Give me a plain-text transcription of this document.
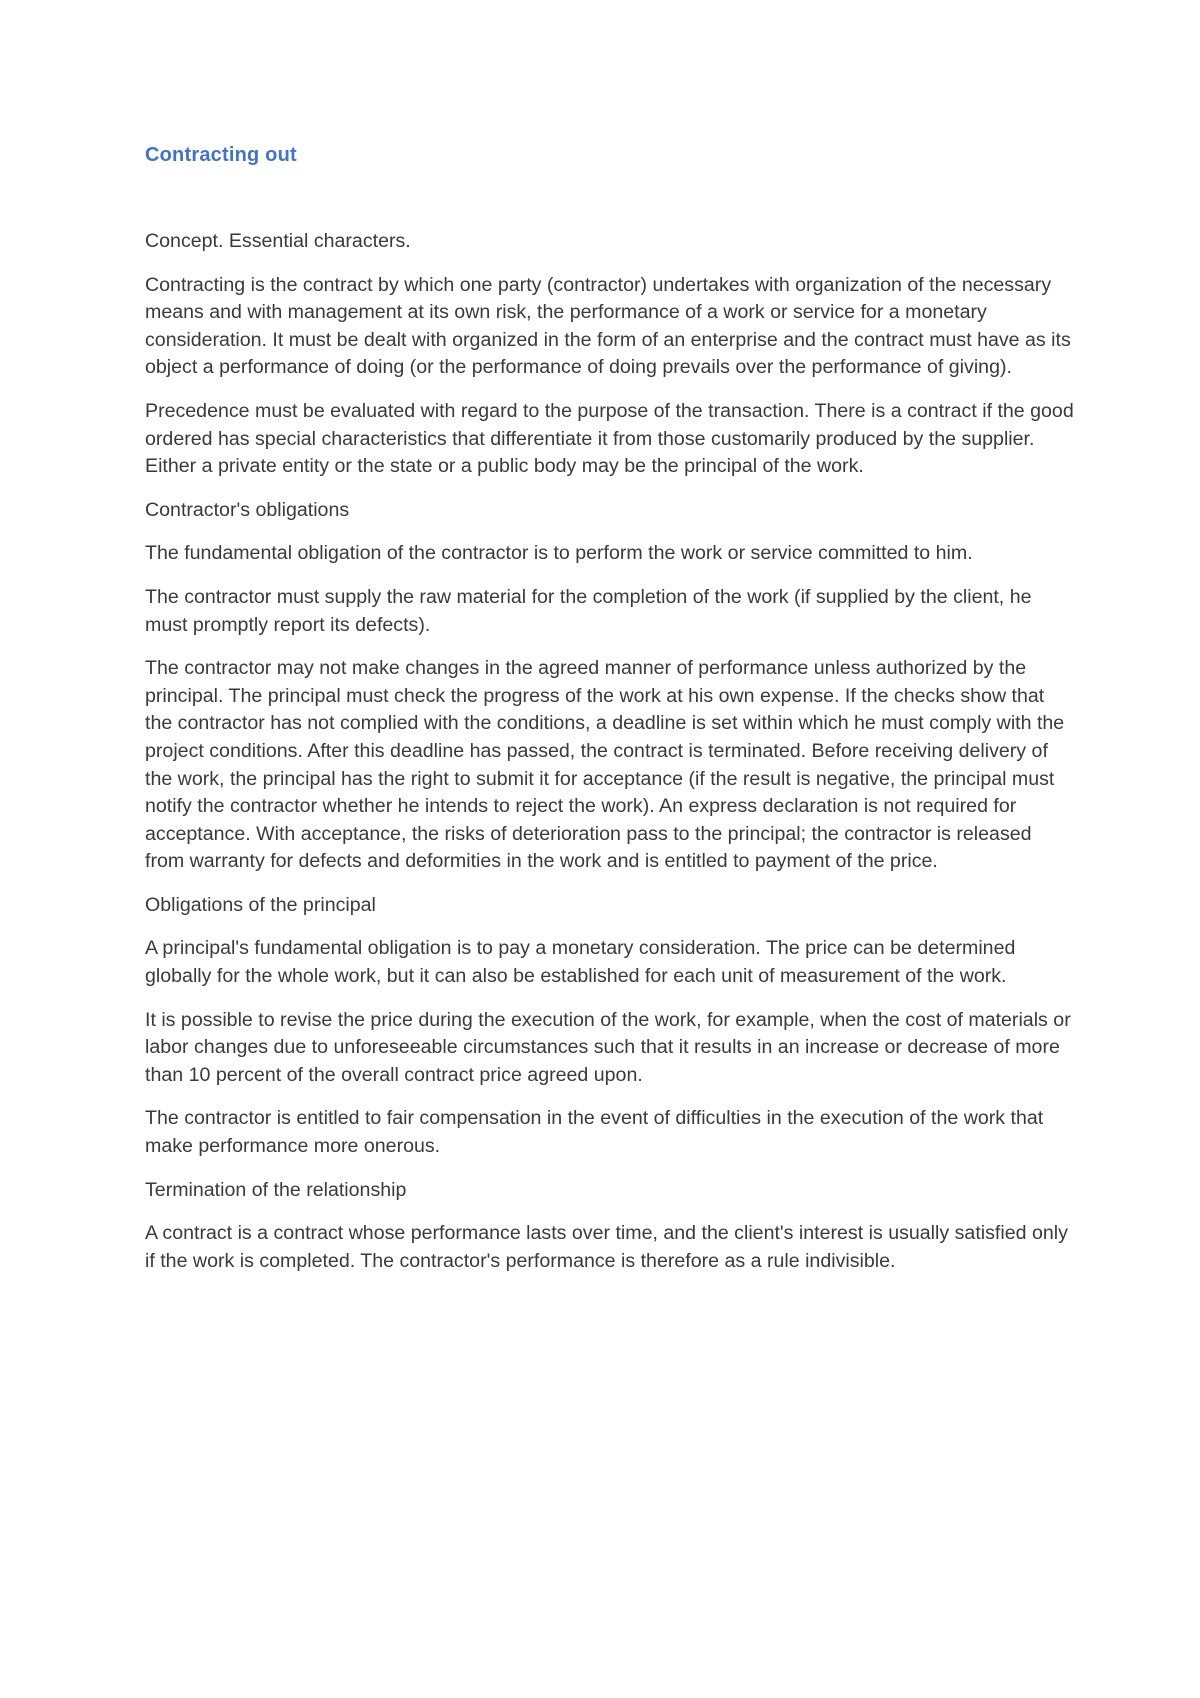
Contracting out

Concept. Essential characters.

Contracting is the contract by which one party (contractor) undertakes with organization of the necessary means and with management at its own risk, the performance of a work or service for a monetary consideration. It must be dealt with organized in the form of an enterprise and the contract must have as its object a performance of doing (or the performance of doing prevails over the performance of giving).

Precedence must be evaluated with regard to the purpose of the transaction. There is a contract if the good ordered has special characteristics that differentiate it from those customarily produced by the supplier. Either a private entity or the state or a public body may be the principal of the work.

Contractor's obligations

The fundamental obligation of the contractor is to perform the work or service committed to him.

The contractor must supply the raw material for the completion of the work (if supplied by the client, he must promptly report its defects).

The contractor may not make changes in the agreed manner of performance unless authorized by the principal. The principal must check the progress of the work at his own expense. If the checks show that the contractor has not complied with the conditions, a deadline is set within which he must comply with the project conditions. After this deadline has passed, the contract is terminated. Before receiving delivery of the work, the principal has the right to submit it for acceptance (if the result is negative, the principal must notify the contractor whether he intends to reject the work). An express declaration is not required for acceptance. With acceptance, the risks of deterioration pass to the principal; the contractor is released from warranty for defects and deformities in the work and is entitled to payment of the price.

Obligations of the principal

A principal's fundamental obligation is to pay a monetary consideration. The price can be determined globally for the whole work, but it can also be established for each unit of measurement of the work.

It is possible to revise the price during the execution of the work, for example, when the cost of materials or labor changes due to unforeseeable circumstances such that it results in an increase or decrease of more than 10 percent of the overall contract price agreed upon.

The contractor is entitled to fair compensation in the event of difficulties in the execution of the work that make performance more onerous.

Termination of the relationship

A contract is a contract whose performance lasts over time, and the client's interest is usually satisfied only if the work is completed. The contractor's performance is therefore as a rule indivisible.
